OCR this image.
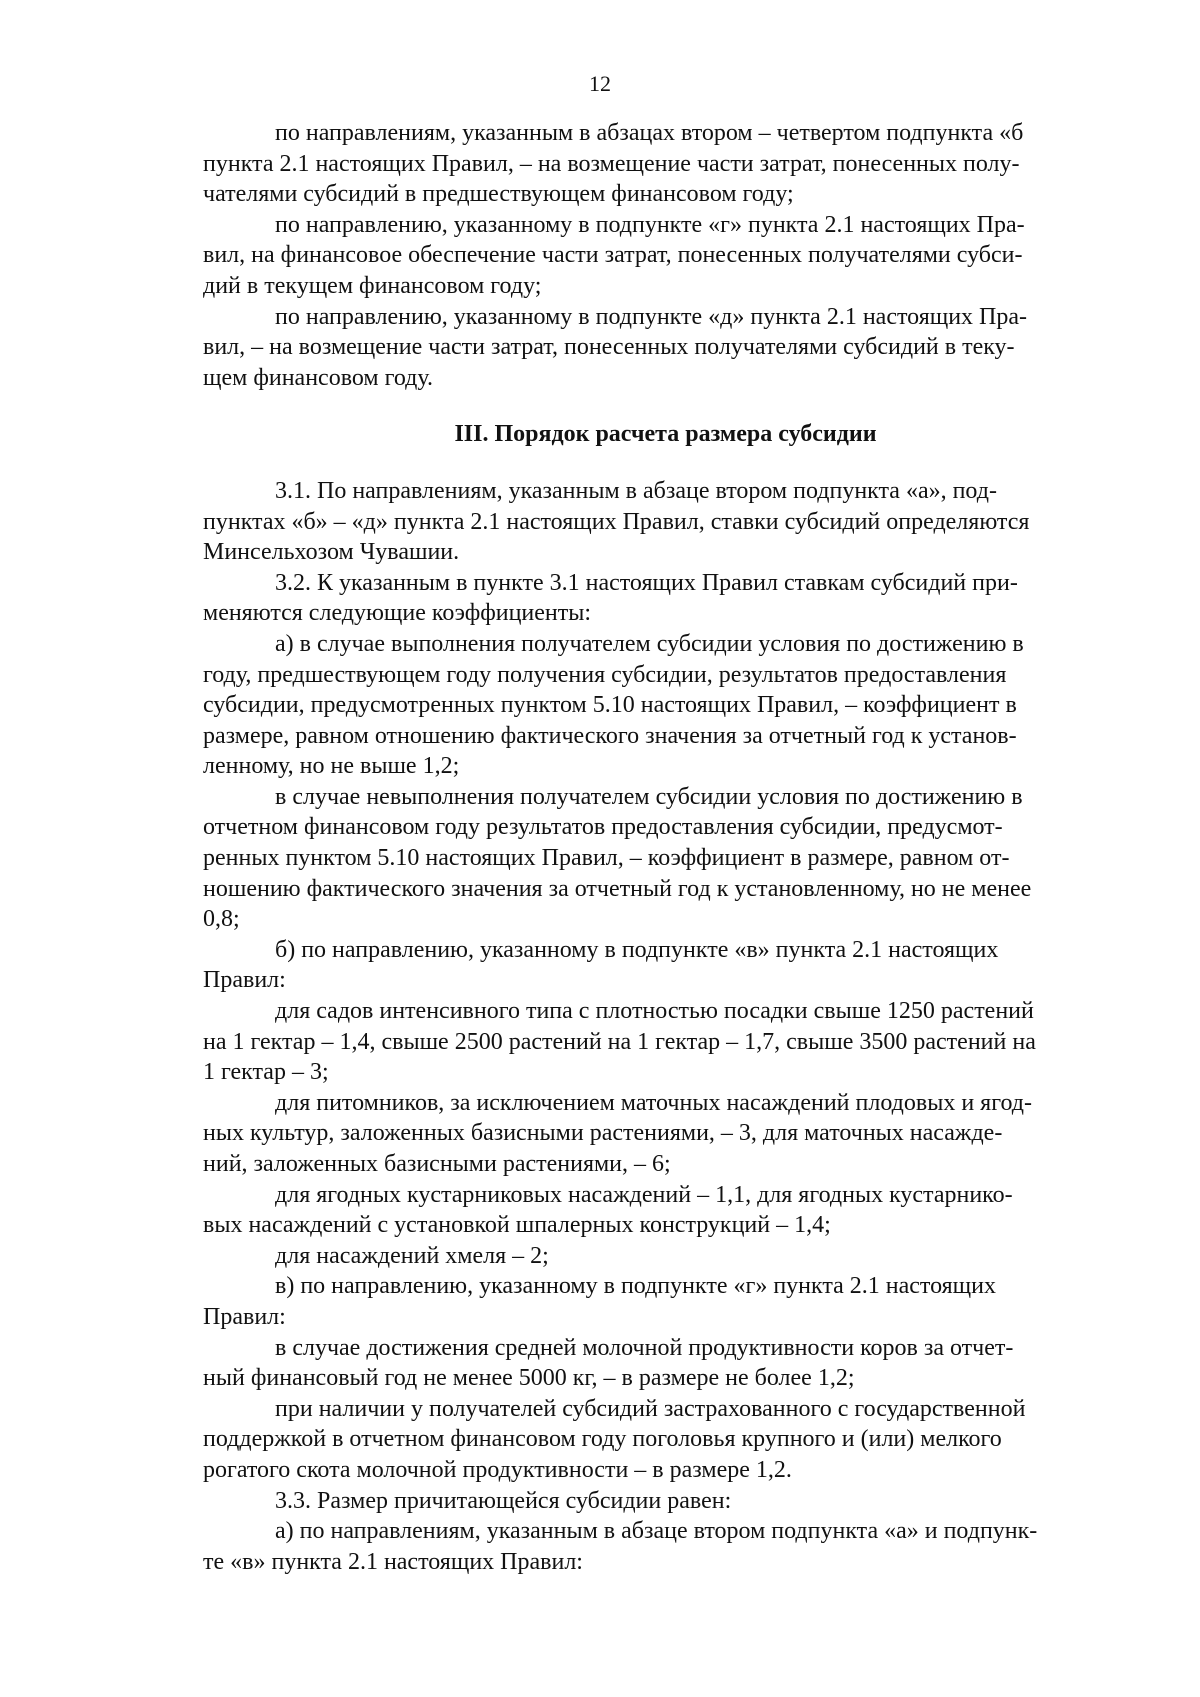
12

по направлениям, указанным в абзацах втором – четвертом подпункта «б
пункта 2.1 настоящих Правил, – на возмещение части затрат, понесенных полу-
чателями субсидий в предшествующем финансовом году;

по направлению, указанному в подпункте «г» пункта 2.1 настоящих Пра-
вил, на финансовое обеспечение части затрат, понесенных получателями субси-
дий в текущем финансовом году;

по направлению, указанному в подпункте «д» пункта 2.1 настоящих Пра-
вил, – на возмещение части затрат, понесенных получателями субсидий в теку-
щем финансовом году.

III. Порядок расчета размера субсидии

3.1. По направлениям, указанным в абзаце втором подпункта «а», под-
пунктах «б» – «д» пункта 2.1 настоящих Правил, ставки субсидий определяются
Минсельхозом Чувашии.

3.2. К указанным в пункте 3.1 настоящих Правил ставкам субсидий при-
меняются следующие коэффициенты:

а) в случае выполнения получателем субсидии условия по достижению в
году, предшествующем году получения субсидии, результатов предоставления
субсидии, предусмотренных пунктом 5.10 настоящих Правил, – коэффициент в
размере, равном отношению фактического значения за отчетный год к установ-
ленному, но не выше 1,2;

в случае невыполнения получателем субсидии условия по достижению в
отчетном финансовом году результатов предоставления субсидии, предусмот-
ренных пунктом 5.10 настоящих Правил, – коэффициент в размере, равном от-
ношению фактического значения за отчетный год к установленному, но не менее
0,8;

б) по направлению, указанному в подпункте «в» пункта 2.1 настоящих
Правил:

для садов интенсивного типа с плотностью посадки свыше 1250 растений
на 1 гектар – 1,4, свыше 2500 растений на 1 гектар – 1,7, свыше 3500 растений на
1 гектар – 3;

для питомников, за исключением маточных насаждений плодовых и ягод-
ных культур, заложенных базисными растениями, – 3, для маточных насажде-
ний, заложенных базисными растениями, – 6;

для ягодных кустарниковых насаждений – 1,1, для ягодных кустарнико-
вых насаждений с установкой шпалерных конструкций – 1,4;

для насаждений хмеля – 2;

в) по направлению, указанному в подпункте «г» пункта 2.1 настоящих
Правил:

в случае достижения средней молочной продуктивности коров за отчет-
ный финансовый год не менее 5000 кг, – в размере не более 1,2;

при наличии у получателей субсидий застрахованного с государственной
поддержкой в отчетном финансовом году поголовья крупного и (или) мелкого
рогатого скота молочной продуктивности – в размере 1,2.

3.3. Размер причитающейся субсидии равен:

а) по направлениям, указанным в абзаце втором подпункта «а» и подпунк-
те «в» пункта 2.1 настоящих Правил:
